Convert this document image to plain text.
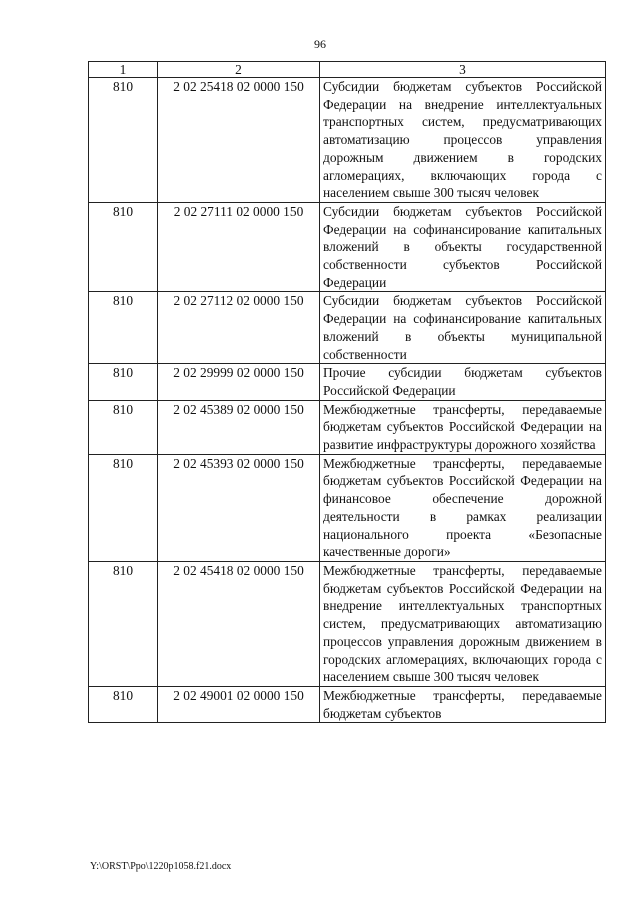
96
1	2	3
810	2 02 25418 02 0000 150	Субсидии бюджетам субъектов Российской Федерации на внедрение интеллектуальных транспортных систем, предусматривающих автоматизацию процессов управления дорожным движением в городских агломерациях, включающих города с населением свыше 300 тысяч человек
810	2 02 27111 02 0000 150	Субсидии бюджетам субъектов Российской Федерации на софинансирование капитальных вложений в объекты государственной собственности субъектов Российской Федерации
810	2 02 27112 02 0000 150	Субсидии бюджетам субъектов Российской Федерации на софинансирование капитальных вложений в объекты муниципальной собственности
810	2 02 29999 02 0000 150	Прочие субсидии бюджетам субъектов Российской Федерации
810	2 02 45389 02 0000 150	Межбюджетные трансферты, передаваемые бюджетам субъектов Российской Федерации на развитие инфраструктуры дорожного хозяйства
810	2 02 45393 02 0000 150	Межбюджетные трансферты, передаваемые бюджетам субъектов Российской Федерации на финансовое обеспечение дорожной деятельности в рамках реализации национального проекта «Безопасные качественные дороги»
810	2 02 45418 02 0000 150	Межбюджетные трансферты, передаваемые бюджетам субъектов Российской Федерации на внедрение интеллектуальных транспортных систем, предусматривающих автоматизацию процессов управления дорожным движением в городских агломерациях, включающих города с населением свыше 300 тысяч человек
810	2 02 49001 02 0000 150	Межбюджетные трансферты, передаваемые бюджетам субъектов
Y:\ORST\Ppo\1220p1058.f21.docx
